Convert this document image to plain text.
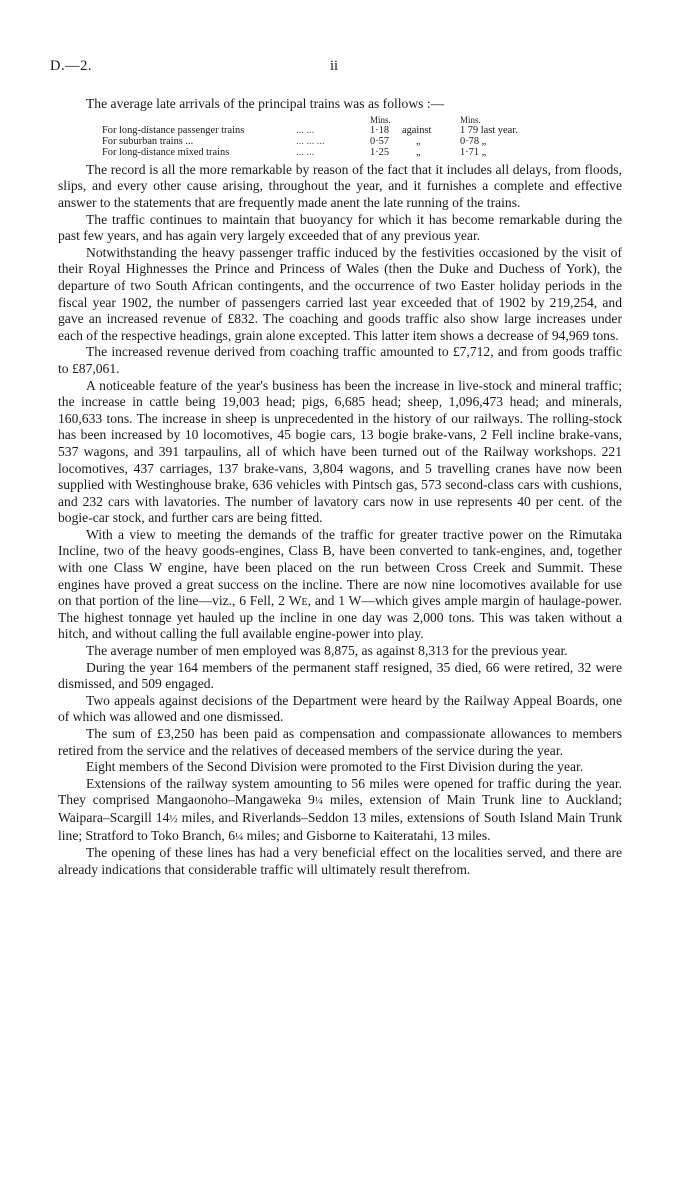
D.—2.	ii

The average late arrivals of the principal trains was as follows :—

		Mins.		Mins.
For long-distance passenger trains	... ...	1·18	against	1 79 last year.
For suburban trains ...	... ... ...	0·57	„	0·78 „
For long-distance mixed trains	... ...	1·25	„	1·71 „

The record is all the more remarkable by reason of the fact that it includes all delays, from floods, slips, and every other cause arising, throughout the year, and it furnishes a complete and effective answer to the statements that are frequently made anent the late running of the trains.

The traffic continues to maintain that buoyancy for which it has become remarkable during the past few years, and has again very largely exceeded that of any previous year.

Notwithstanding the heavy passenger traffic induced by the festivities occasioned by the visit of their Royal Highnesses the Prince and Princess of Wales (then the Duke and Duchess of York), the departure of two South African contingents, and the occurrence of two Easter holiday periods in the fiscal year 1902, the number of passengers carried last year exceeded that of 1902 by 219,254, and gave an increased revenue of £832. The coaching and goods traffic also show large increases under each of the respective headings, grain alone excepted. This latter item shows a decrease of 94,969 tons.

The increased revenue derived from coaching traffic amounted to £7,712, and from goods traffic to £87,061.

A noticeable feature of the year's business has been the increase in live-stock and mineral traffic; the increase in cattle being 19,003 head; pigs, 6,685 head; sheep, 1,096,473 head; and minerals, 160,633 tons. The increase in sheep is unprecedented in the history of our railways. The rolling-stock has been increased by 10 locomotives, 45 bogie cars, 13 bogie brake-vans, 2 Fell incline brake-vans, 537 wagons, and 391 tarpaulins, all of which have been turned out of the Railway workshops. 221 locomotives, 437 carriages, 137 brake-vans, 3,804 wagons, and 5 travelling cranes have now been supplied with Westinghouse brake, 636 vehicles with Pintsch gas, 573 second-class cars with cushions, and 232 cars with lavatories. The number of lavatory cars now in use represents 40 per cent. of the bogie-car stock, and further cars are being fitted.

With a view to meeting the demands of the traffic for greater tractive power on the Rimutaka Incline, two of the heavy goods-engines, Class B, have been converted to tank-engines, and, together with one Class W engine, have been placed on the run between Cross Creek and Summit. These engines have proved a great success on the incline. There are now nine locomotives available for use on that portion of the line—viz., 6 Fell, 2 We, and 1 W—which gives ample margin of haulage-power. The highest tonnage yet hauled up the incline in one day was 2,000 tons. This was taken without a hitch, and without calling the full available engine-power into play.

The average number of men employed was 8,875, as against 8,313 for the previous year.

During the year 164 members of the permanent staff resigned, 35 died, 66 were retired, 32 were dismissed, and 509 engaged.

Two appeals against decisions of the Department were heard by the Railway Appeal Boards, one of which was allowed and one dismissed.

The sum of £3,250 has been paid as compensation and compassionate allowances to members retired from the service and the relatives of deceased members of the service during the year.

Eight members of the Second Division were promoted to the First Division during the year.

Extensions of the railway system amounting to 56 miles were opened for traffic during the year. They comprised Mangaonoho–Mangaweka 9¼ miles, extension of Main Trunk line to Auckland; Waipara–Scargill 14½ miles, and Riverlands–Seddon 13 miles, extensions of South Island Main Trunk line; Stratford to Toko Branch, 6¼ miles; and Gisborne to Kaiteratahi, 13 miles.

The opening of these lines has had a very beneficial effect on the localities served, and there are already indications that considerable traffic will ultimately result therefrom.
